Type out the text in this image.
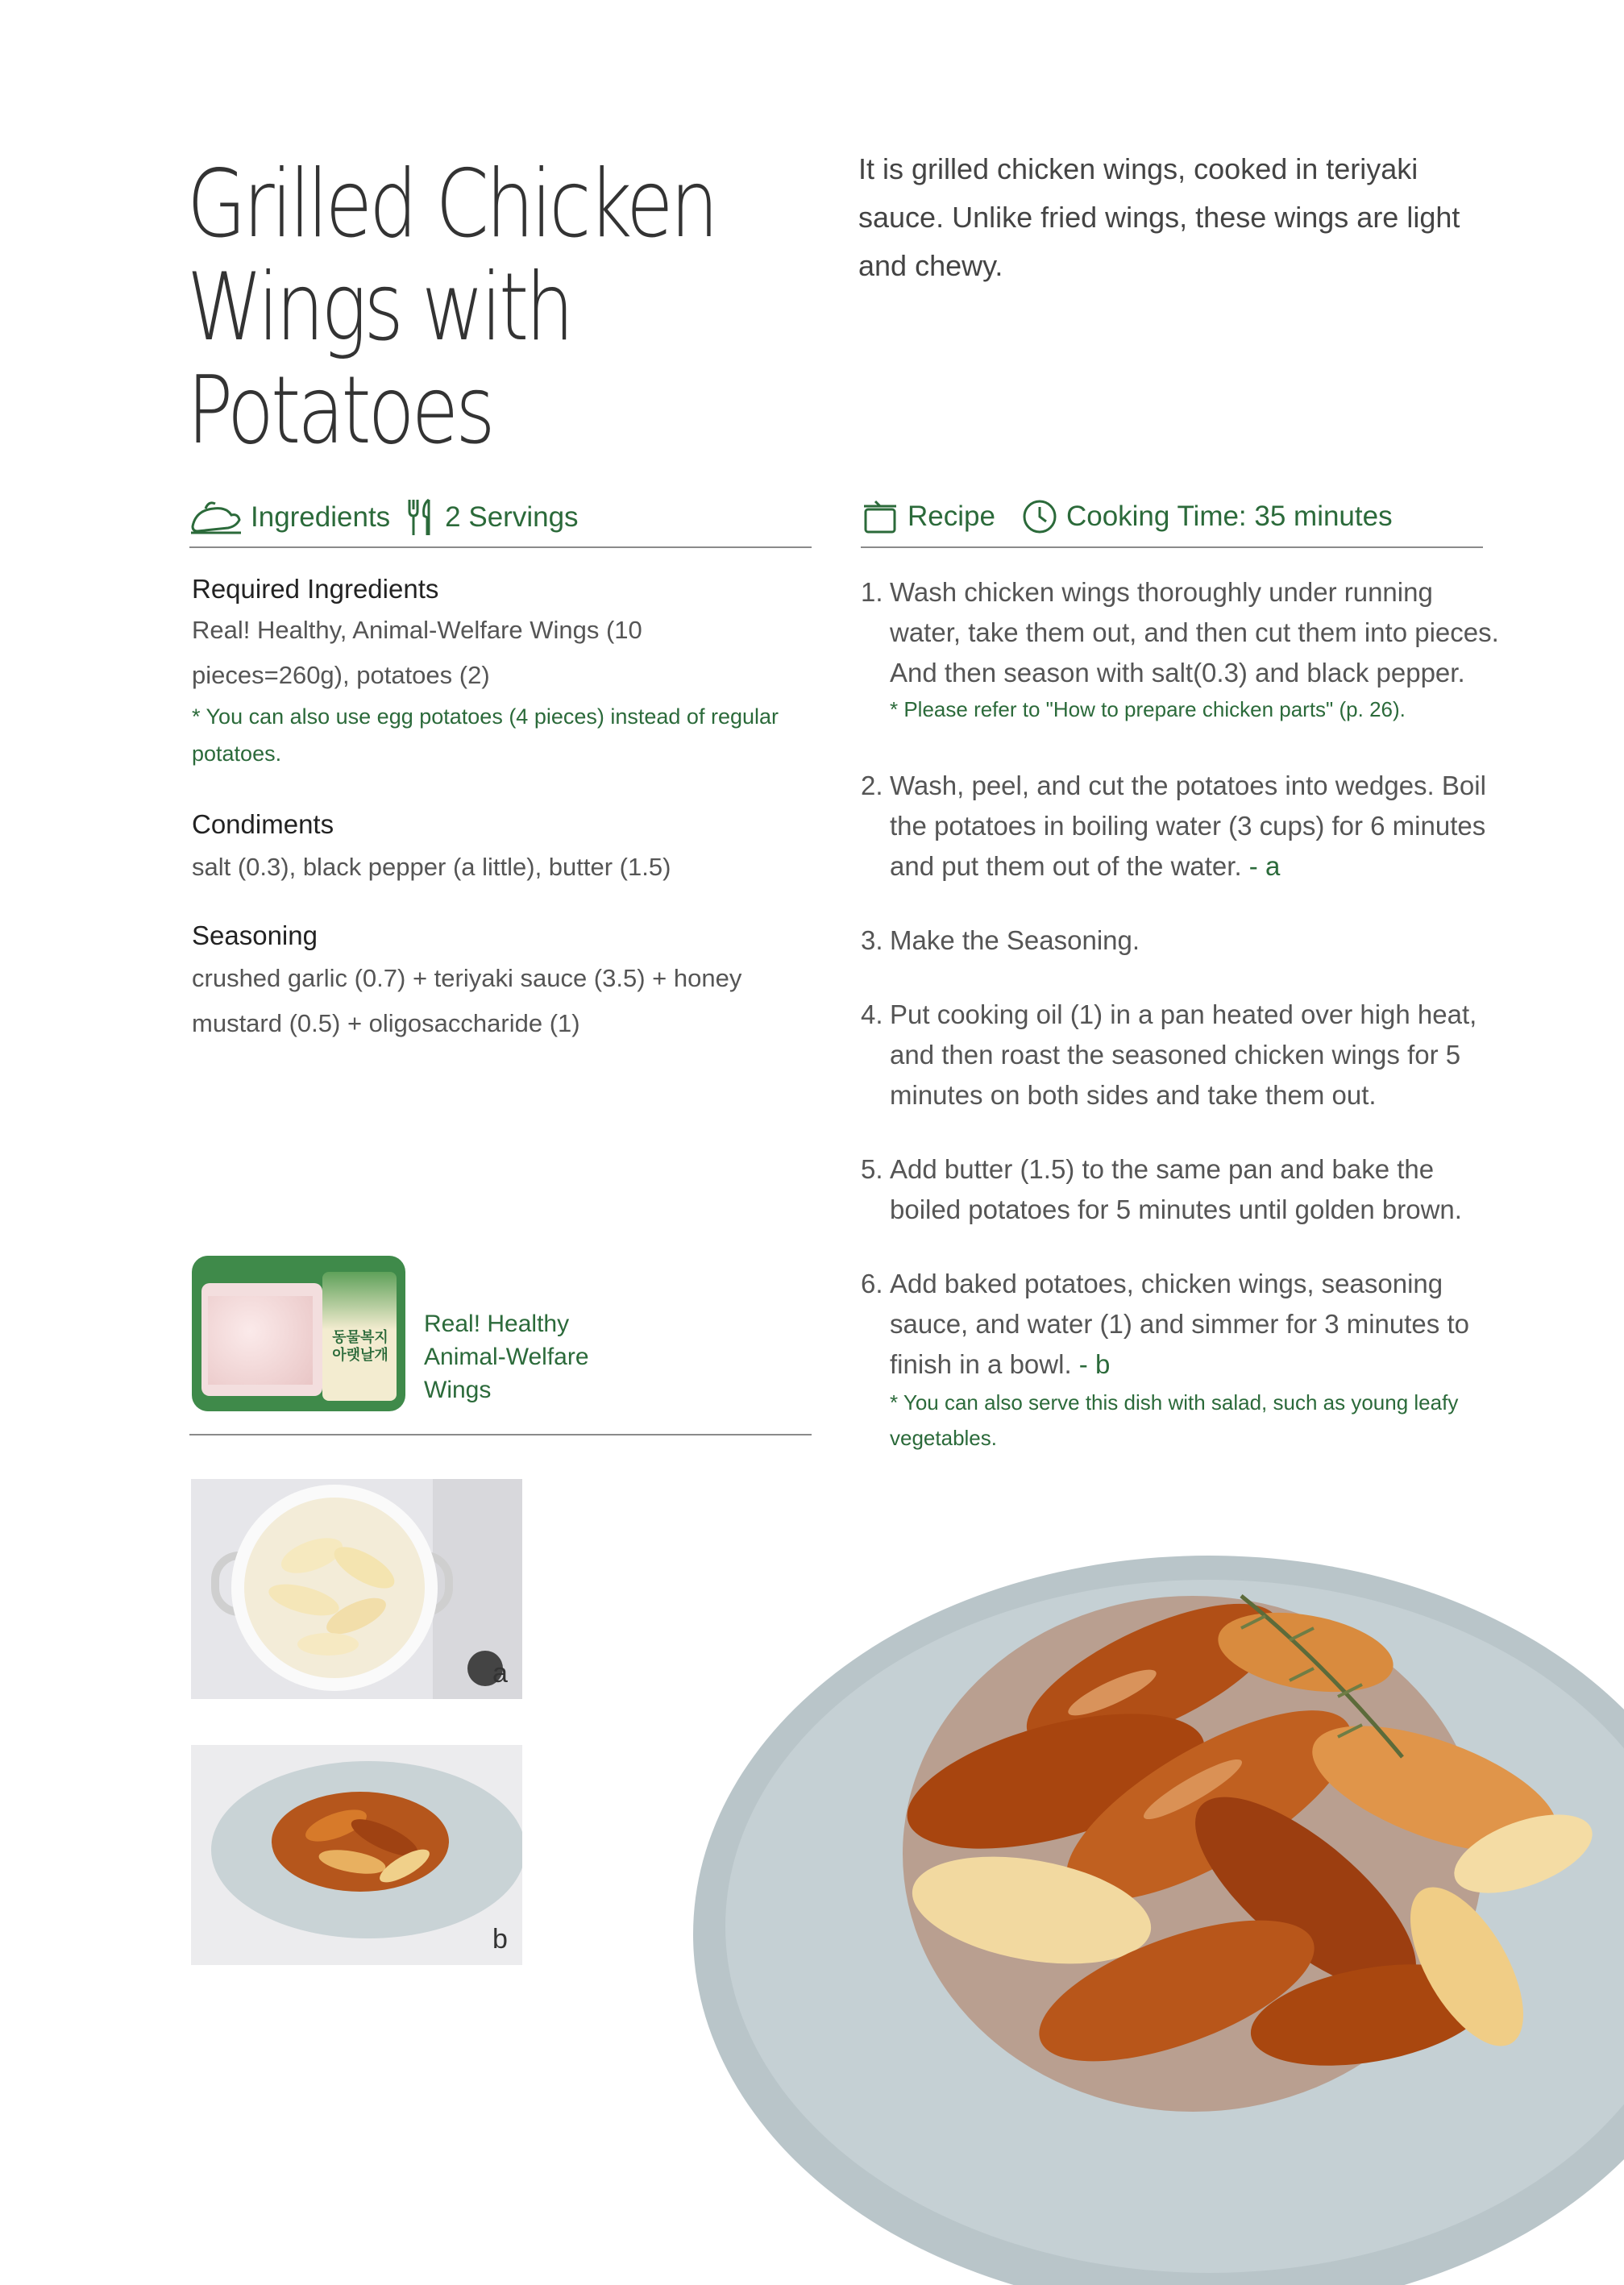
Grilled Chicken
Wings with
Potatoes
It is grilled chicken wings, cooked in teriyaki sauce. Unlike fried wings, these wings are light and chewy.
Ingredients 2 Servings	Recipe	Cooking Time: 35 minutes

Required Ingredients

Real! Healthy, Animal-Welfare Wings (10 pieces=260g), potatoes (2)
* You can also use egg potatoes (4 pieces) instead of regular potatoes.

Condiments

salt (0.3), black pepper (a little), butter (1.5)

Seasoning

crushed garlic (0.7) + teriyaki sauce (3.5) + honey mustard (0.5) + oligosaccharide (1)
동물복지 아랫날개
Real! Healthy
Animal-Welfare
Wings
a
b
1. Wash chicken wings thoroughly under running water, take them out, and then cut them into pieces. And then season with salt(0.3) and black pepper.
* Please refer to "How to prepare chicken parts" (p. 26).
2. Wash, peel, and cut the potatoes into wedges. Boil the potatoes in boiling water (3 cups) for 6 minutes and put them out of the water. - a
3. Make the Seasoning.
4. Put cooking oil (1) in a pan heated over high heat, and then roast the seasoned chicken wings for 5 minutes on both sides and take them out.
5. Add butter (1.5) to the same pan and bake the boiled potatoes for 5 minutes until golden brown.
6. Add baked potatoes, chicken wings, seasoning sauce, and water (1) and simmer for 3 minutes to finish in a bowl. - b
* You can also serve this dish with salad, such as young leafy vegetables.
